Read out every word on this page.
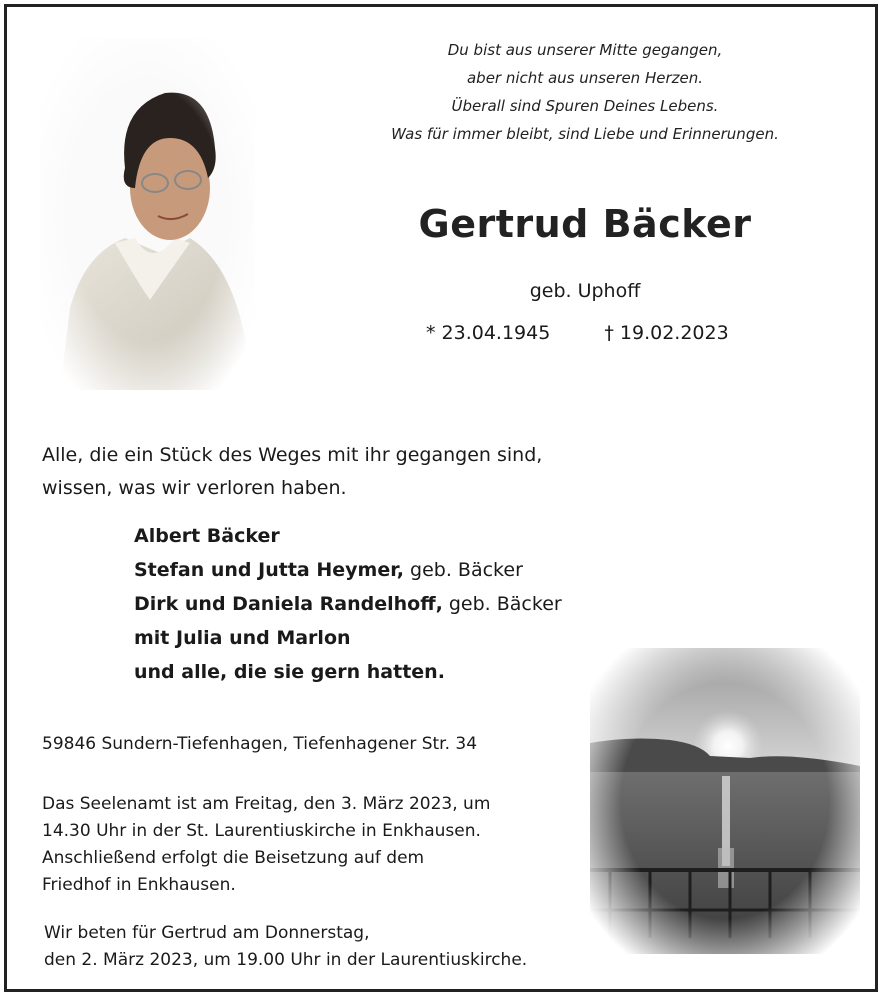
Du bist aus unserer Mitte gegangen,
aber nicht aus unseren Herzen.
Überall sind Spuren Deines Lebens.
Was für immer bleibt, sind Liebe und Erinnerungen.
Gertrud Bäcker
geb. Uphoff
* 23.04.1945	† 19.02.2023
Alle, die ein Stück des Weges mit ihr gegangen sind,
wissen, was wir verloren haben.
Albert Bäcker
Stefan und Jutta Heymer, geb. Bäcker
Dirk und Daniela Randelhoff, geb. Bäcker
mit Julia und Marlon
und alle, die sie gern hatten.
59846 Sundern-Tiefenhagen, Tiefenhagener Str. 34
Das Seelenamt ist am Freitag, den 3. März 2023, um
14.30 Uhr in der St. Laurentiuskirche in Enkhausen.
Anschließend erfolgt die Beisetzung auf dem
Friedhof in Enkhausen.
Wir beten für Gertrud am Donnerstag,
den 2. März 2023, um 19.00 Uhr in der Laurentiuskirche.
